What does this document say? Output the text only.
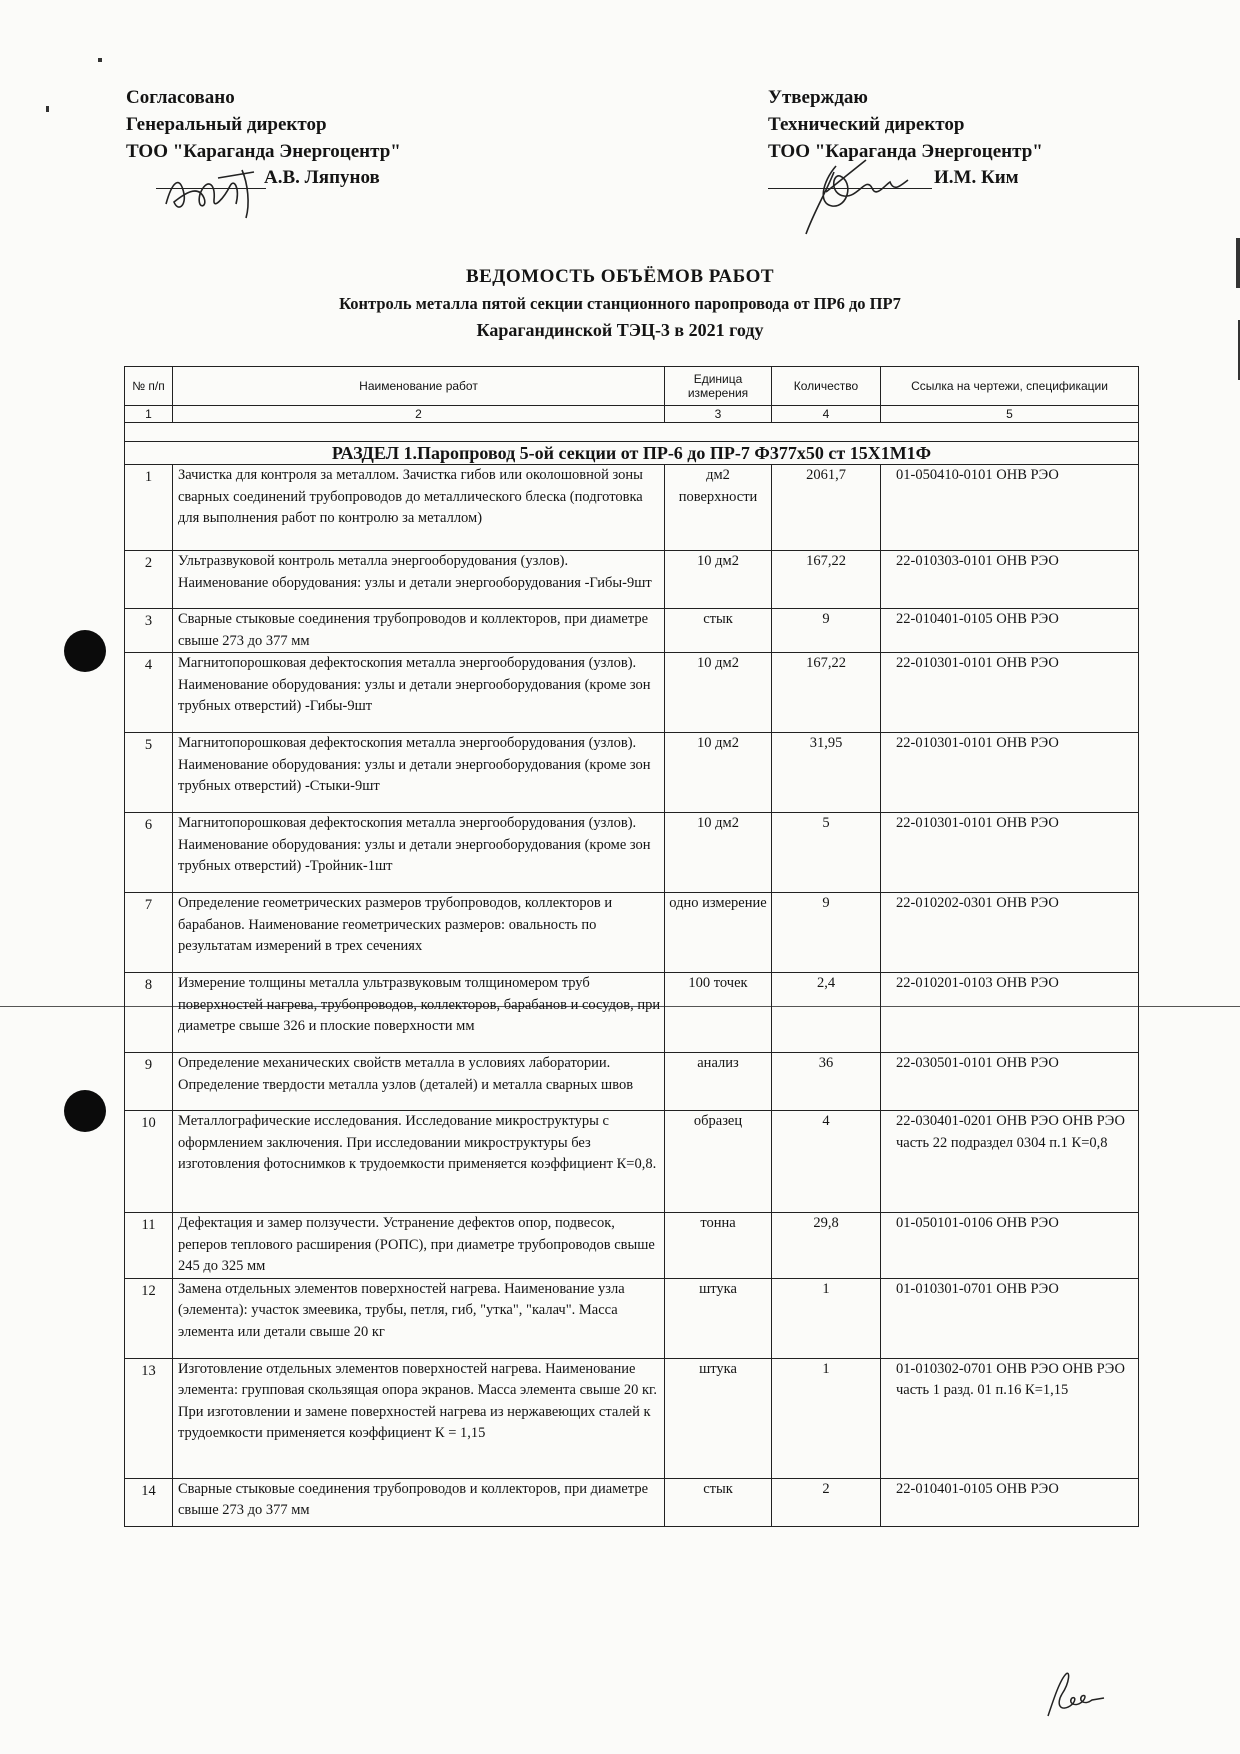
Согласовано
Генеральный директор
ТОО "Караганда Энергоцентр"
А.В. Ляпунов
Утверждаю
Технический директор
ТОО "Караганда Энергоцентр"
И.М. Ким
ВЕДОМОСТЬ ОБЪЁМОВ РАБОТ
Контроль металла пятой секции станционного паропровода от ПР6 до ПР7
Карагандинской ТЭЦ-3 в 2021 году
№ п/п	Наименование работ	Единица измерения	Количество	Ссылка на чертежи, спецификации
1	2	3	4	5

РАЗДЕЛ 1.Паропровод 5-ой секции от ПР-6 до ПР-7 Ф377х50 ст 15Х1М1Ф				
1	Зачистка для контроля за металлом. Зачистка гибов или околошовной зоны сварных соединений трубопроводов до металлического блеска (подготовка для выполнения работ по контролю за металлом)	дм2 поверхности	2061,7	01-050410-0101 ОНВ РЭО
2	Ультразвуковой контроль металла энергооборудования (узлов). Наименование оборудования: узлы и детали энергооборудования -Гибы-9шт	10 дм2	167,22	22-010303-0101 ОНВ РЭО
3	Сварные стыковые соединения трубопроводов и коллекторов, при диаметре свыше 273 до 377 мм	стык	9	22-010401-0105 ОНВ РЭО
4	Магнитопорошковая дефектоскопия металла энергооборудования (узлов). Наименование оборудования: узлы и детали энергооборудования (кроме зон трубных отверстий) -Гибы-9шт	10 дм2	167,22	22-010301-0101 ОНВ РЭО
5	Магнитопорошковая дефектоскопия металла энергооборудования (узлов). Наименование оборудования: узлы и детали энергооборудования (кроме зон трубных отверстий) -Стыки-9шт	10 дм2	31,95	22-010301-0101 ОНВ РЭО
6	Магнитопорошковая дефектоскопия металла энергооборудования (узлов). Наименование оборудования: узлы и детали энергооборудования (кроме зон трубных отверстий) -Тройник-1шт	10 дм2	5	22-010301-0101 ОНВ РЭО
7	Определение геометрических размеров трубопроводов, коллекторов и барабанов. Наименование геометрических размеров: овальность по результатам измерений в трех сечениях	одно измерение	9	22-010202-0301 ОНВ РЭО
8	Измерение толщины металла ультразвуковым толщиномером труб поверхностей нагрева, трубопроводов, коллекторов, барабанов и сосудов, при диаметре свыше 326 и плоские поверхности мм	100 точек	2,4	22-010201-0103 ОНВ РЭО
9	Определение механических свойств металла в условиях лаборатории. Определение твердости металла узлов (деталей) и металла сварных швов	анализ	36	22-030501-0101 ОНВ РЭО
10	Металлографические исследования. Исследование микроструктуры с оформлением заключения. При исследовании микроструктуры без изготовления фотоснимков к трудоемкости применяется коэффициент К=0,8.	образец	4	22-030401-0201 ОНВ РЭО ОНВ РЭО часть 22 подраздел 0304 п.1 К=0,8
11	Дефектация и замер ползучести. Устранение дефектов опор, подвесок, реперов теплового расширения (РОПС), при диаметре трубопроводов свыше 245 до 325 мм	тонна	29,8	01-050101-0106 ОНВ РЭО
12	Замена отдельных элементов поверхностей нагрева. Наименование узла (элемента): участок змеевика, трубы, петля, гиб, "утка", "калач". Масса элемента или детали свыше 20 кг	штука	1	01-010301-0701 ОНВ РЭО
13	Изготовление отдельных элементов поверхностей нагрева. Наименование элемента: групповая скользящая опора экранов. Масса элемента свыше 20 кг. При изготовлении и замене поверхностей нагрева из нержавеющих сталей к трудоемкости применяется коэффициент К = 1,15	штука	1	01-010302-0701 ОНВ РЭО ОНВ РЭО часть 1 разд. 01 п.16 К=1,15
14	Сварные стыковые соединения трубопроводов и коллекторов, при диаметре свыше 273 до 377 мм	стык	2	22-010401-0105 ОНВ РЭО
